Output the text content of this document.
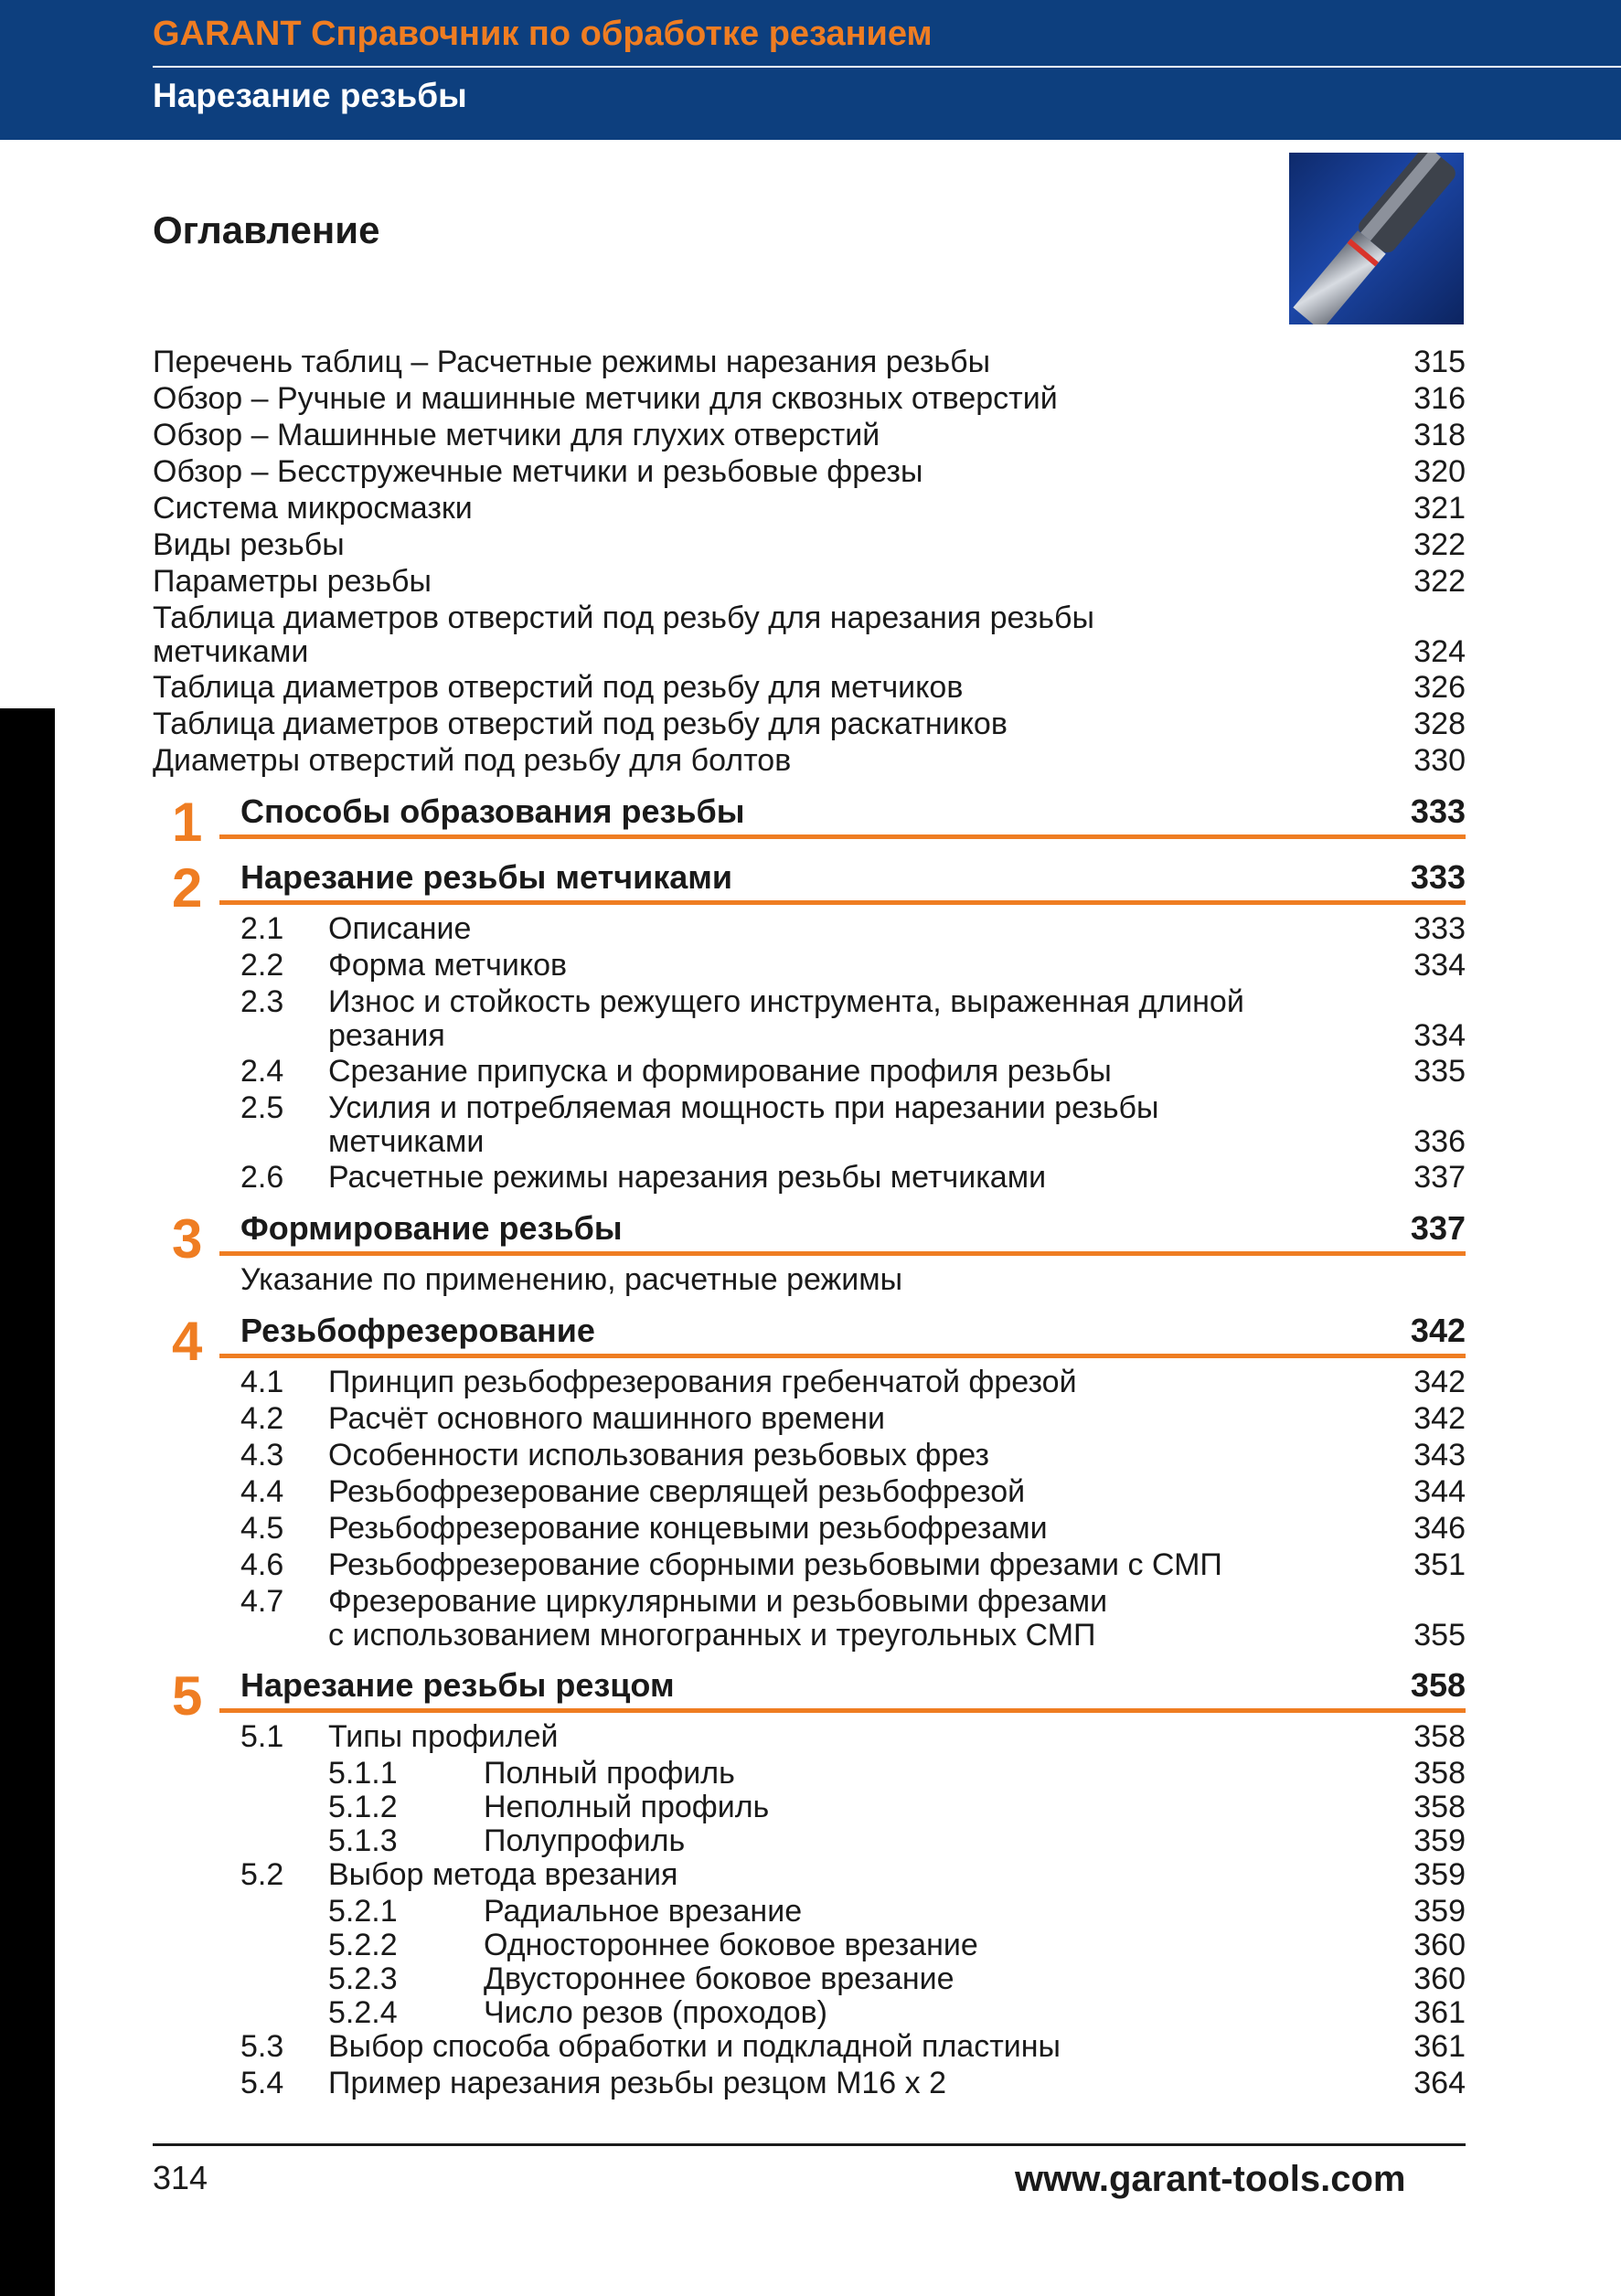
GARANT Справочник по обработке резанием
Нарезание резьбы
Оглавление
Перечень таблиц – Расчетные режимы нарезания резьбы	315
Обзор – Ручные и машинные метчики для сквозных отверстий	316
Обзор – Машинные метчики для глухих отверстий	318
Обзор – Бесстружечные метчики и резьбовые фрезы	320
Система микросмазки	321
Виды резьбы	322
Параметры резьбы	322
Таблица диаметров отверстий под резьбу для нарезания резьбы
метчиками	324
Таблица диаметров отверстий под резьбу для метчиков	326
Таблица диаметров отверстий под резьбу для раскатников	328
Диаметры отверстий под резьбу для болтов	330
1 Способы образования резьбы	333
2 Нарезание резьбы метчиками	333
2.1 Описание	333
2.2 Форма метчиков	334
2.3 Износ и стойкость режущего инструмента, выраженная длиной
резания	334
2.4 Срезание припуска и формирование профиля резьбы	335
2.5 Усилия и потребляемая мощность при нарезании резьбы
метчиками	336
2.6 Расчетные режимы нарезания резьбы метчиками	337
3 Формирование резьбы	337
Указание по применению, расчетные режимы
4 Резьбофрезерование	342
4.1 Принцип резьбофрезерования гребенчатой фрезой	342
4.2 Расчёт основного машинного времени	342
4.3 Особенности использования резьбовых фрез	343
4.4 Резьбофрезерование сверлящей резьбофрезой	344
4.5 Резьбофрезерование концевыми резьбофрезами	346
4.6 Резьбофрезерование сборными резьбовыми фрезами с СМП	351
4.7 Фрезерование циркулярными и резьбовыми фрезами
с использованием многогранных и треугольных СМП	355
5 Нарезание резьбы резцом	358
5.1 Типы профилей	358
5.1.1	Полный профиль	358
5.1.2	Неполный профиль	358
5.1.3	Полупрофиль	359
5.2 Выбор метода врезания	359
5.2.1	Радиальное врезание	359
5.2.2	Одностороннее боковое врезание	360
5.2.3	Двустороннее боковое врезание	360
5.2.4	Число резов (проходов)	361
5.3 Выбор способа обработки и подкладной пластины	361
5.4 Пример нарезания резьбы резцом М16 х 2	364
314	www.garant-tools.com
